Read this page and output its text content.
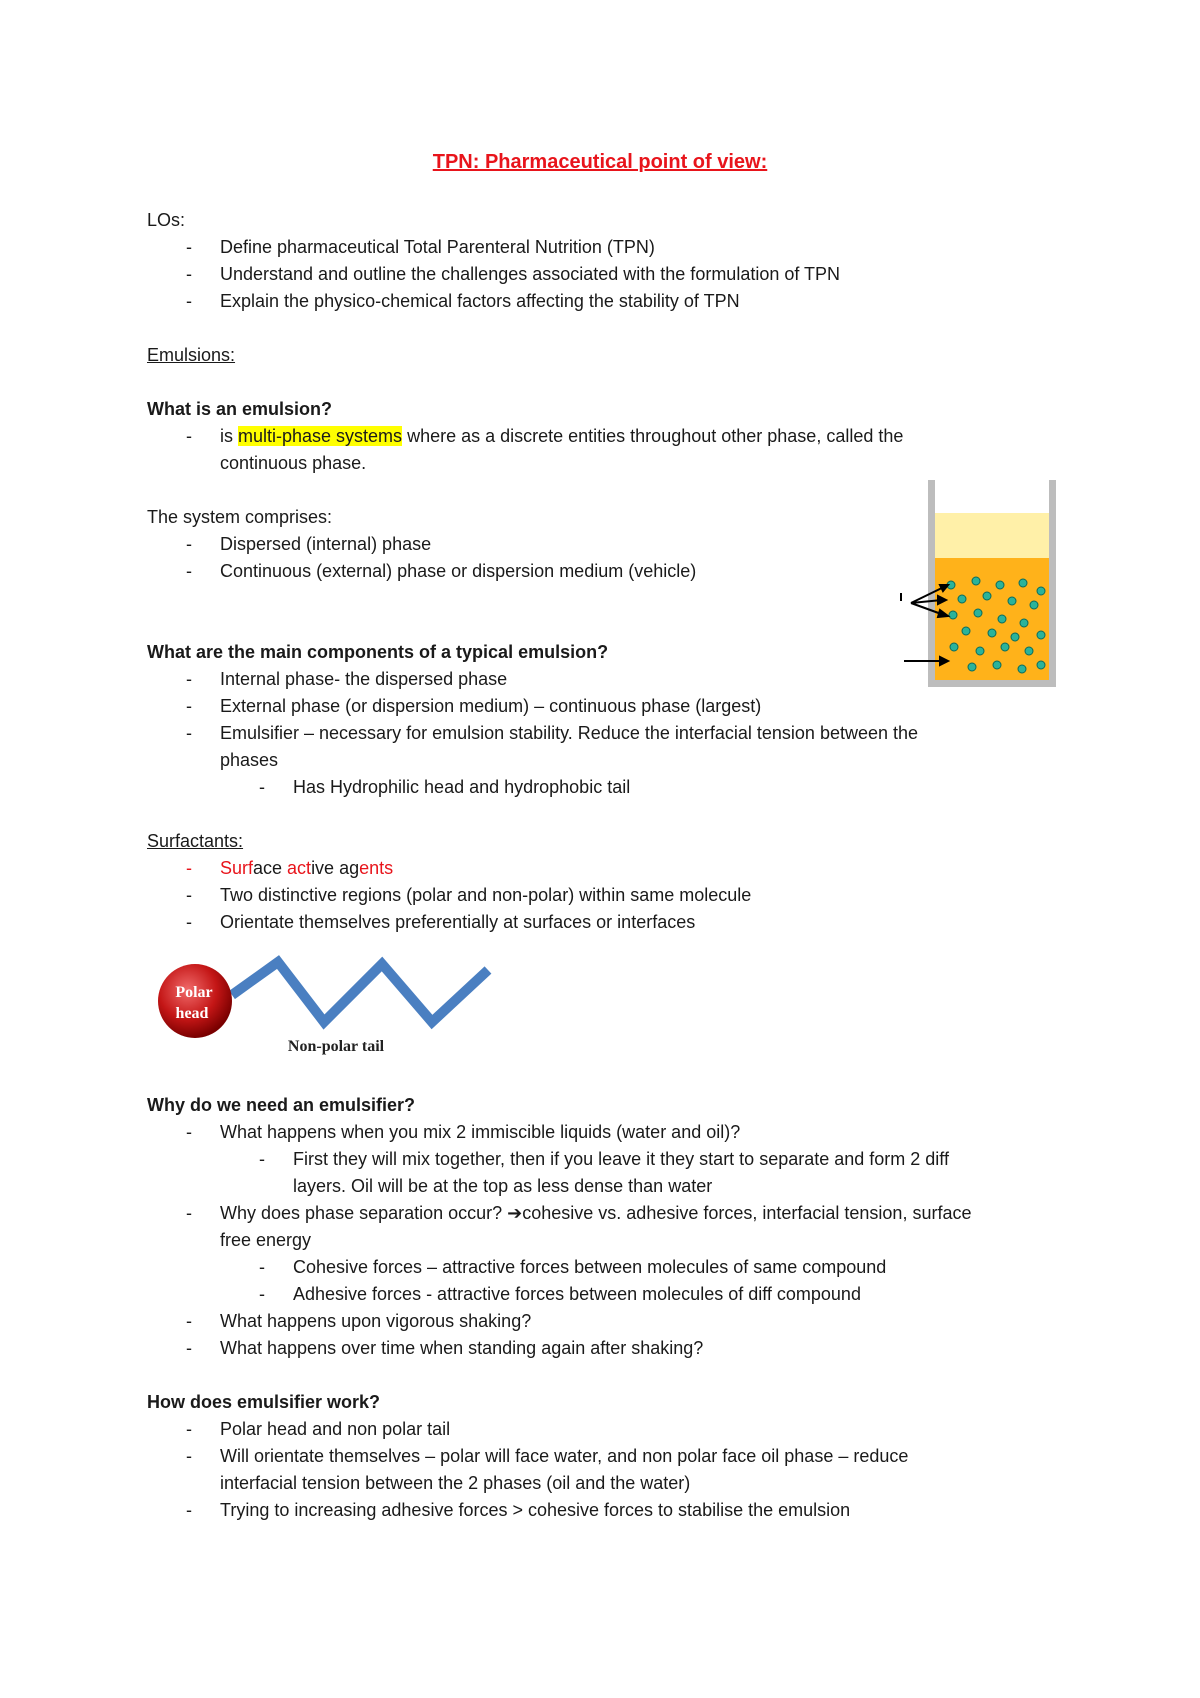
TPN: Pharmaceutical point of view:
LOs:
- Define pharmaceutical Total Parenteral Nutrition (TPN)
- Understand and outline the challenges associated with the formulation of TPN
- Explain the physico-chemical factors affecting the stability of TPN
Emulsions:
What is an emulsion?
- is multi-phase systems where as a discrete entities throughout other phase, called the
continuous phase.
The system comprises:
- Dispersed (internal) phase
- Continuous (external) phase or dispersion medium (vehicle)
What are the main components of a typical emulsion?
- Internal phase- the dispersed phase
- External phase (or dispersion medium) – continuous phase (largest)
- Emulsifier – necessary for emulsion stability. Reduce the interfacial tension between the
phases
- Has Hydrophilic head and hydrophobic tail
Surfactants:
- Surface active agents
- Two distinctive regions (polar and non-polar) within same molecule
- Orientate themselves preferentially at surfaces or interfaces
Polar
head
Non-polar tail
Why do we need an emulsifier?
- What happens when you mix 2 immiscible liquids (water and oil)?
- First they will mix together, then if you leave it they start to separate and form 2 diff
layers. Oil will be at the top as less dense than water
- Why does phase separation occur? ➔cohesive vs. adhesive forces, interfacial tension, surface
free energy
- Cohesive forces – attractive forces between molecules of same compound
- Adhesive forces - attractive forces between molecules of diff compound
- What happens upon vigorous shaking?
- What happens over time when standing again after shaking?
How does emulsifier work?
- Polar head and non polar tail
- Will orientate themselves – polar will face water, and non polar face oil phase – reduce
interfacial tension between the 2 phases (oil and the water)
- Trying to increasing adhesive forces > cohesive forces to stabilise the emulsion
